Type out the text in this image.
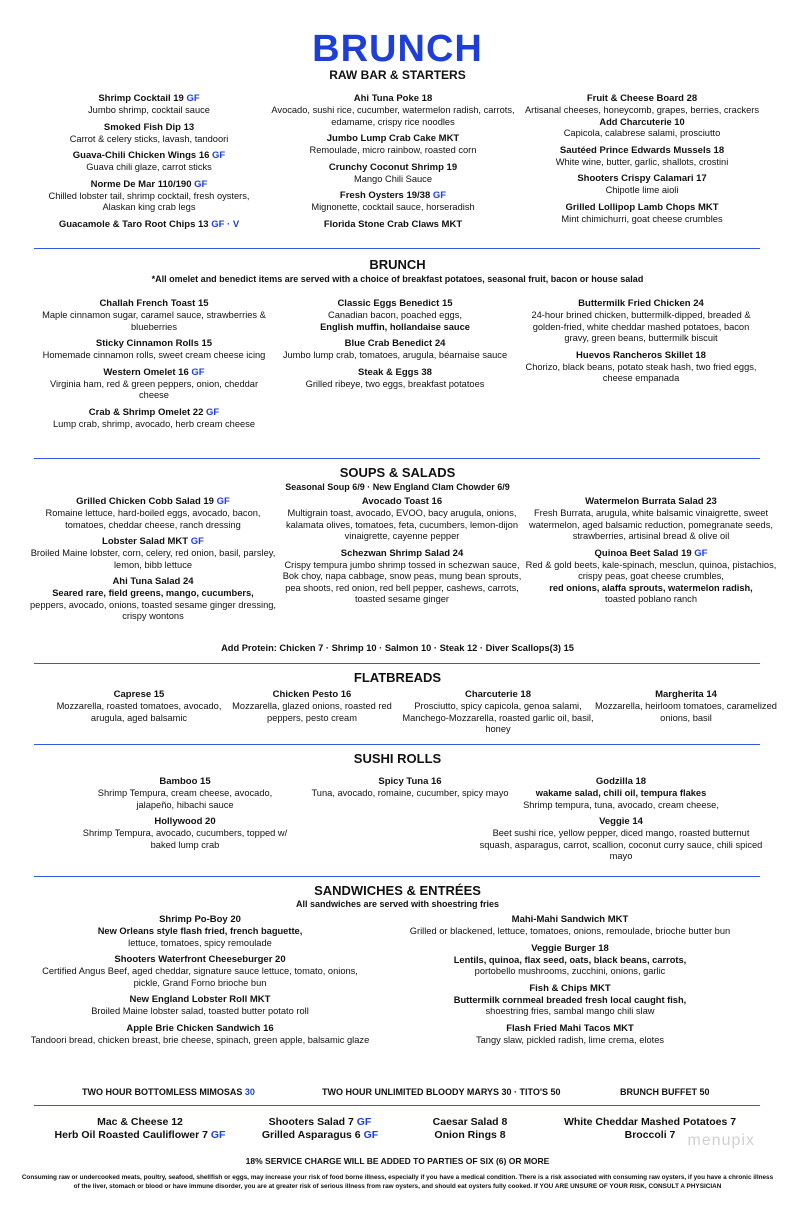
BRUNCH
RAW BAR & STARTERS
Shrimp Cocktail 19 GF
Jumbo shrimp, cocktail sauce
Smoked Fish Dip 13
Carrot & celery sticks, lavash, tandoori
Guava-Chili Chicken Wings 16 GF
Guava chili glaze, carrot sticks
Norme De Mar 110/190 GF
Chilled lobster tail, shrimp cocktail, fresh oysters, Alaskan king crab legs
Guacamole & Taro Root Chips 13 GF · V
Ahi Tuna Poke 18
Avocado, sushi rice, cucumber, watermelon radish, carrots, edamame, crispy rice noodles
Jumbo Lump Crab Cake MKT
Remoulade, micro rainbow, roasted corn
Crunchy Coconut Shrimp 19
Mango Chili Sauce
Fresh Oysters 19/38 GF
Mignonette, cocktail sauce, horseradish
Florida Stone Crab Claws MKT
Fruit & Cheese Board 28
Artisanal cheeses, honeycomb, grapes, berries, crackers Add Charcuterie 10
Capicola, calabrese salami, prosciutto
Sautéed Prince Edwards Mussels 18
White wine, butter, garlic, shallots, crostini
Shooters Crispy Calamari 17
Chipotle lime aioli
Grilled Lollipop Lamb Chops MKT
Mint chimichurri, goat cheese crumbles
BRUNCH
*All omelet and benedict items are served with a choice of breakfast potatoes, seasonal fruit, bacon or house salad
Challah French Toast 15
Maple cinnamon sugar, caramel sauce, strawberries & blueberries
Sticky Cinnamon Rolls 15
Homemade cinnamon rolls, sweet cream cheese icing
Western Omelet 16 GF
Virginia ham, red & green peppers, onion, cheddar cheese
Crab & Shrimp Omelet 22 GF
Lump crab, shrimp, avocado, herb cream cheese
Classic Eggs Benedict 15
Canadian bacon, poached eggs,
English muffin, hollandaise sauce
Blue Crab Benedict 24
Jumbo lump crab, tomatoes, arugula, béarnaise sauce
Steak & Eggs 38
Grilled ribeye, two eggs, breakfast potatoes
Buttermilk Fried Chicken 24
24-hour brined chicken, buttermilk-dipped, breaded & golden-fried, white cheddar mashed potatoes, bacon gravy, green beans, buttermilk biscuit
Huevos Rancheros Skillet 18
Chorizo, black beans, potato steak hash, two fried eggs, cheese empanada
SOUPS & SALADS
Seasonal Soup 6/9 · New England Clam Chowder 6/9
Grilled Chicken Cobb Salad 19 GF
Romaine lettuce, hard-boiled eggs, avocado, bacon, tomatoes, cheddar cheese, ranch dressing
Lobster Salad MKT GF
Broiled Maine lobster, corn, celery, red onion, basil, parsley, lemon, bibb lettuce
Ahi Tuna Salad 24
Seared rare, field greens, mango, cucumbers,
peppers, avocado, onions, toasted sesame ginger dressing, crispy wontons
Avocado Toast 16
Multigrain toast, avocado, EVOO, bacy arugula, onions, kalamata olives, tomatoes, feta, cucumbers, lemon-dijon vinaigrette, cayenne pepper
Schezwan Shrimp Salad 24
Crispy tempura jumbo shrimp tossed in schezwan sauce, Bok choy, napa cabbage, snow peas, mung bean sprouts, pea shoots, red onion, red bell pepper, cashews, carrots, toasted sesame ginger
Watermelon Burrata Salad 23
Fresh Burrata, arugula, white balsamic vinaigrette, sweet watermelon, aged balsamic reduction, pomegranate seeds, strawberries, artisinal bread & olive oil
Quinoa Beet Salad 19 GF
Red & gold beets, kale-spinach, mesclun, quinoa, pistachios, crispy peas, goat cheese crumbles,
red onions, alaffa sprouts, watermelon radish,
toasted poblano ranch
Add Protein: Chicken 7 · Shrimp 10 · Salmon 10 · Steak 12 · Diver Scallops(3) 15
FLATBREADS
Caprese 15
Mozzarella, roasted tomatoes, avocado, arugula, aged balsamic
Chicken Pesto 16
Mozzarella, glazed onions, roasted red peppers, pesto cream
Charcuterie 18
Prosciutto, spicy capicola, genoa salami, Manchego-Mozzarella, roasted garlic oil, basil, honey
Margherita 14
Mozzarella, heirloom tomatoes, caramelized onions, basil
SUSHI ROLLS
Bamboo 15
Shrimp Tempura, cream cheese, avocado, jalapeño, hibachi sauce
Hollywood 20
Shrimp Tempura, avocado, cucumbers, topped w/ baked lump crab
Spicy Tuna 16
Tuna, avocado, romaine, cucumber, spicy mayo
Godzilla 18
wakame salad, chili oil, tempura flakes
Shrimp tempura, tuna, avocado, cream cheese,
Veggie 14
Beet sushi rice, yellow pepper, diced mango, roasted butternut squash, asparagus, carrot, scallion, coconut curry sauce, chili spiced mayo
SANDWICHES & ENTRÉES
All sandwiches are served with shoestring fries
Shrimp Po-Boy 20
New Orleans style flash fried, french baguette,
lettuce, tomatoes, spicy remoulade
Shooters Waterfront Cheeseburger 20
Certified Angus Beef, aged cheddar, signature sauce lettuce, tomato, onions, pickle, Grand Forno brioche bun
New England Lobster Roll MKT
Broiled Maine lobster salad, toasted butter potato roll
Apple Brie Chicken Sandwich 16
Tandoori bread, chicken breast, brie cheese, spinach, green apple, balsamic glaze
Mahi-Mahi Sandwich MKT
Grilled or blackened, lettuce, tomatoes, onions, remoulade, brioche butter bun
Veggie Burger 18
Lentils, quinoa, flax seed, oats, black beans, carrots,
portobello mushrooms, zucchini, onions, garlic
Fish & Chips MKT
Buttermilk cornmeal breaded fresh local caught fish,
shoestring fries, sambal mango chili slaw
Flash Fried Mahi Tacos MKT
Tangy slaw, pickled radish, lime crema, elotes
TWO HOUR BOTTOMLESS MIMOSAS 30	TWO HOUR UNLIMITED BLOODY MARYS 30 · TITO'S 50	BRUNCH BUFFET 50
Mac & Cheese 12
Herb Oil Roasted Cauliflower 7 GF
Shooters Salad 7 GF
Grilled Asparagus 6 GF
Caesar Salad 8
Onion Rings 8
White Cheddar Mashed Potatoes 7
Broccoli 7 menupix
18% SERVICE CHARGE WILL BE ADDED TO PARTIES OF SIX (6) OR MORE
Consuming raw or undercooked meats, poultry, seafood, shellfish or eggs, may increase your risk of food borne illness, especially if you have a medical condition. There is a risk associated with consuming raw oysters, if you have a chronic illness of the liver, stomach or blood or have immune disorder, you are at greater risk of serious illness from raw oysters, and should eat oysters fully cooked. If YOU ARE UNSURE OF YOUR RISK, CONSULT A PHYSICIAN
